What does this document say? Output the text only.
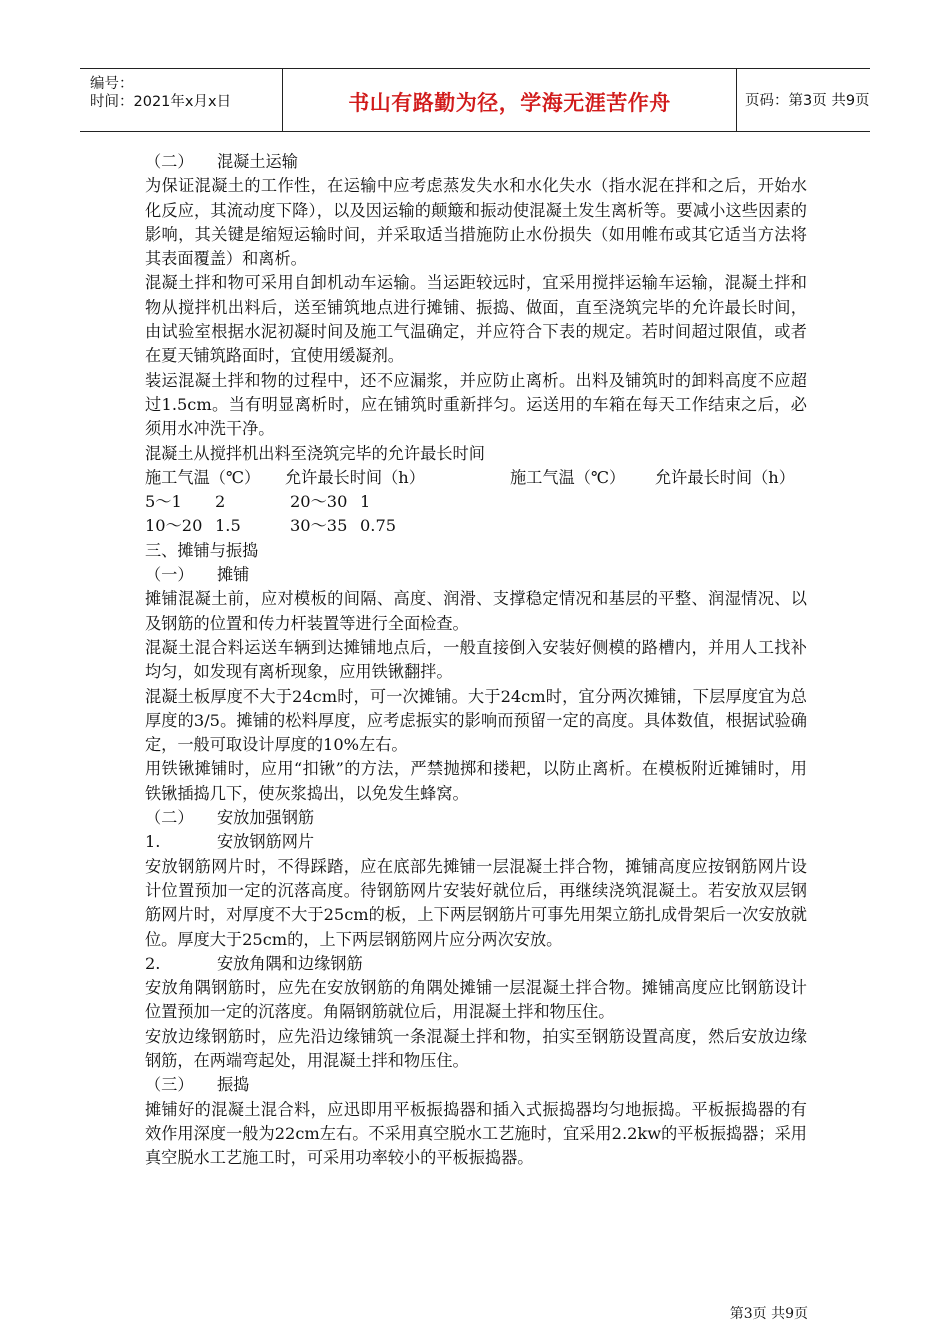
编号：
时间：2021年x月x日	书山有路勤为径，学海无涯苦作舟	页码：第3页 共9页
（二） 混凝土运输

为保证混凝土的工作性，在运输中应考虑蒸发失水和水化失水（指水泥在拌和之后，开始水化反应，其流动度下降），以及因运输的颠簸和振动使混凝土发生离析等。要减小这些因素的影响，其关键是缩短运输时间，并采取适当措施防止水份损失（如用帷布或其它适当方法将其表面覆盖）和离析。

混凝土拌和物可采用自卸机动车运输。当运距较远时，宜采用搅拌运输车运输，混凝土拌和物从搅拌机出料后，送至铺筑地点进行摊铺、振捣、做面，直至浇筑完毕的允许最长时间，由试验室根据水泥初凝时间及施工气温确定，并应符合下表的规定。若时间超过限值，或者在夏天铺筑路面时，宜使用缓凝剂。

装运混凝土拌和物的过程中，还不应漏浆，并应防止离析。出料及铺筑时的卸料高度不应超过1.5cm。当有明显离析时，应在铺筑时重新拌匀。运送用的车箱在每天工作结束之后，必须用水冲洗干净。

混凝土从搅拌机出料至浇筑完毕的允许最长时间

施工气温（℃）	允许最长时间（h）	施工气温（℃）	允许最长时间（h）
5～1	2	20～30 1
10～20 1.5	30～35 0.75
三、摊铺与振捣
（一） 摊铺

摊铺混凝土前，应对模板的间隔、高度、润滑、支撑稳定情况和基层的平整、润湿情况、以及钢筋的位置和传力杆装置等进行全面检查。

混凝土混合料运送车辆到达摊铺地点后，一般直接倒入安装好侧模的路槽内，并用人工找补均匀，如发现有离析现象，应用铁锹翻拌。

混凝土板厚度不大于24cm时，可一次摊铺。大于24cm时，宜分两次摊铺，下层厚度宜为总厚度的3/5。摊铺的松料厚度，应考虑振实的影响而预留一定的高度。具体数值，根据试验确定，一般可取设计厚度的10%左右。

用铁锹摊铺时，应用“扣锹”的方法，严禁抛掷和搂耙，以防止离析。在模板附近摊铺时，用铁锹插捣几下，使灰浆捣出，以免发生蜂窝。

（二） 安放加强钢筋
1.	安放钢筋网片

安放钢筋网片时，不得踩踏，应在底部先摊铺一层混凝土拌合物，摊铺高度应按钢筋网片设计位置预加一定的沉落高度。待钢筋网片安装好就位后，再继续浇筑混凝土。若安放双层钢筋网片时，对厚度不大于25cm的板，上下两层钢筋片可事先用架立筋扎成骨架后一次安放就位。厚度大于25cm的，上下两层钢筋网片应分两次安放。

2.	安放角隅和边缘钢筋

安放角隅钢筋时，应先在安放钢筋的角隅处摊铺一层混凝土拌合物。摊铺高度应比钢筋设计位置预加一定的沉落度。角隔钢筋就位后，用混凝土拌和物压住。

安放边缘钢筋时，应先沿边缘铺筑一条混凝土拌和物，拍实至钢筋设置高度，然后安放边缘钢筋，在两端弯起处，用混凝土拌和物压住。

（三） 振捣

摊铺好的混凝土混合料，应迅即用平板振捣器和插入式振捣器均匀地振捣。平板振捣器的有效作用深度一般为22cm左右。不采用真空脱水工艺施时，宜采用2.2kw的平板振捣器；采用真空脱水工艺施工时，可采用功率较小的平板振捣器。

第3页 共9页
